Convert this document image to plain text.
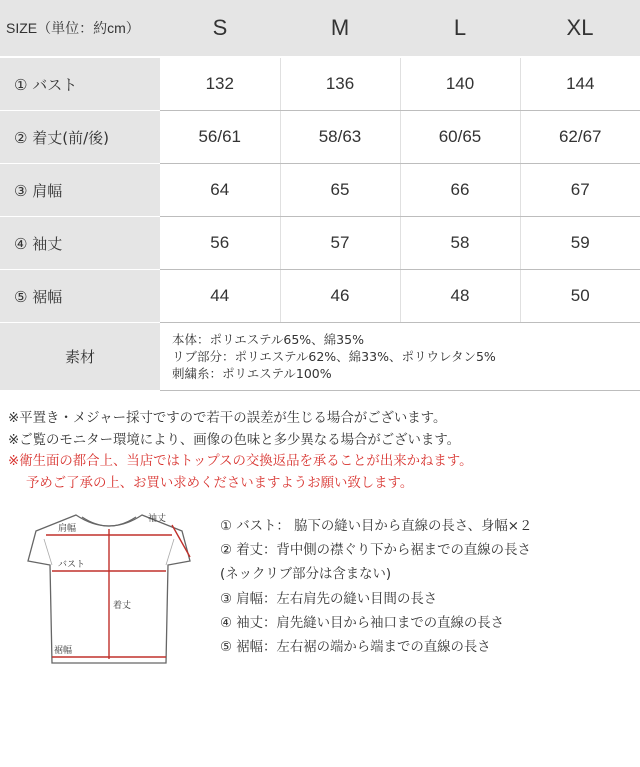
SIZE（単位：約cm）	S	M	L	XL
① バスト	132	136	140	144
② 着丈(前/後)	56/61	58/63	60/65	62/67
③ 肩幅	64	65	66	67
④ 袖丈	56	57	58	59
⑤ 裾幅	44	46	48	50
素材	本体：ポリエステル65%、綿35%
リブ部分：ポリエステル62%、綿33%、ポリウレタン5%
刺繍糸：ポリエステル100%			
※平置き・メジャー採寸ですので若干の誤差が生じる場合がございます。
※ご覧のモニター環境により、画像の色味と多少異なる場合がございます。
※衛生面の都合上、当店ではトップスの交換返品を承ることが出来かねます。
予めご了承の上、お買い求めくださいますようお願い致します。
肩幅
袖丈
バスト
着丈
裾幅
① バスト： 脇下の縫い目から直線の長さ、身幅×２
② 着丈：背中側の襟ぐり下から裾までの直線の長さ
(ネックリブ部分は含まない)
③ 肩幅：左右肩先の縫い目間の長さ
④ 袖丈：肩先縫い目から袖口までの直線の長さ
⑤ 裾幅：左右裾の端から端までの直線の長さ
